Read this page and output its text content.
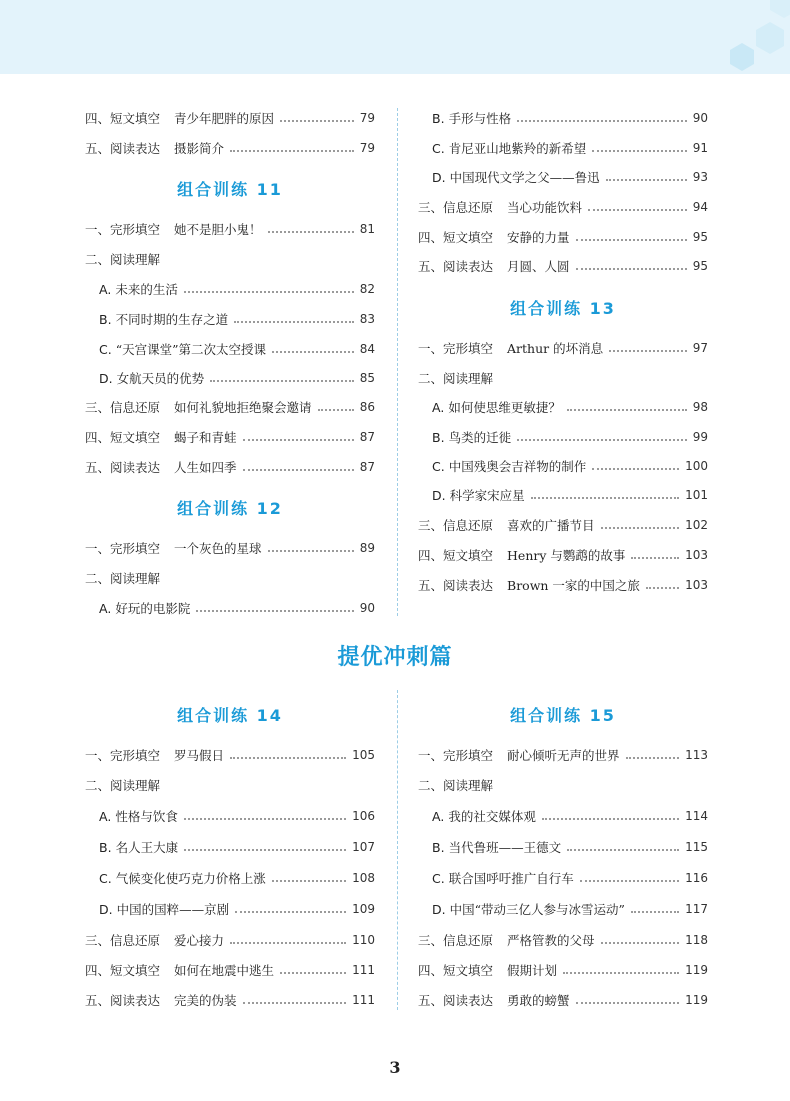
四、短文填空 青少年肥胖的原因	79
五、阅读表达 摄影简介	79
组合训练 11
一、完形填空 她不是胆小鬼！	81
二、阅读理解
A. 未来的生活	82
B. 不同时期的生存之道	83
C. “天宫课堂”第二次太空授课	84
D. 女航天员的优势	85
三、信息还原 如何礼貌地拒绝聚会邀请	86
四、短文填空 蝎子和青蛙	87
五、阅读表达 人生如四季	87
组合训练 12
一、完形填空 一个灰色的星球	89
二、阅读理解
A. 好玩的电影院	90
B. 手形与性格	90
C. 肯尼亚山地紫羚的新希望	91
D. 中国现代文学之父——鲁迅	93
三、信息还原 当心功能饮料	94
四、短文填空 安静的力量	95
五、阅读表达 月圆、人圆	95
组合训练 13
一、完形填空 Arthur 的坏消息	97
二、阅读理解
A. 如何使思维更敏捷？	98
B. 鸟类的迁徙	99
C. 中国残奥会吉祥物的制作	100
D. 科学家宋应星	101
三、信息还原 喜欢的广播节目	102
四、短文填空 Henry 与鹦鹉的故事	103
五、阅读表达 Brown 一家的中国之旅	103
提优冲刺篇
组合训练 14
一、完形填空 罗马假日	105
二、阅读理解
A. 性格与饮食	106
B. 名人王大康	107
C. 气候变化使巧克力价格上涨	108
D. 中国的国粹——京剧	109
三、信息还原 爱心接力	110
四、短文填空 如何在地震中逃生	111
五、阅读表达 完美的伪装	111
组合训练 15
一、完形填空 耐心倾听无声的世界	113
二、阅读理解
A. 我的社交媒体观	114
B. 当代鲁班——王德文	115
C. 联合国呼吁推广自行车	116
D. 中国“带动三亿人参与冰雪运动”	117
三、信息还原 严格管教的父母	118
四、短文填空 假期计划	119
五、阅读表达 勇敢的螃蟹	119
3
